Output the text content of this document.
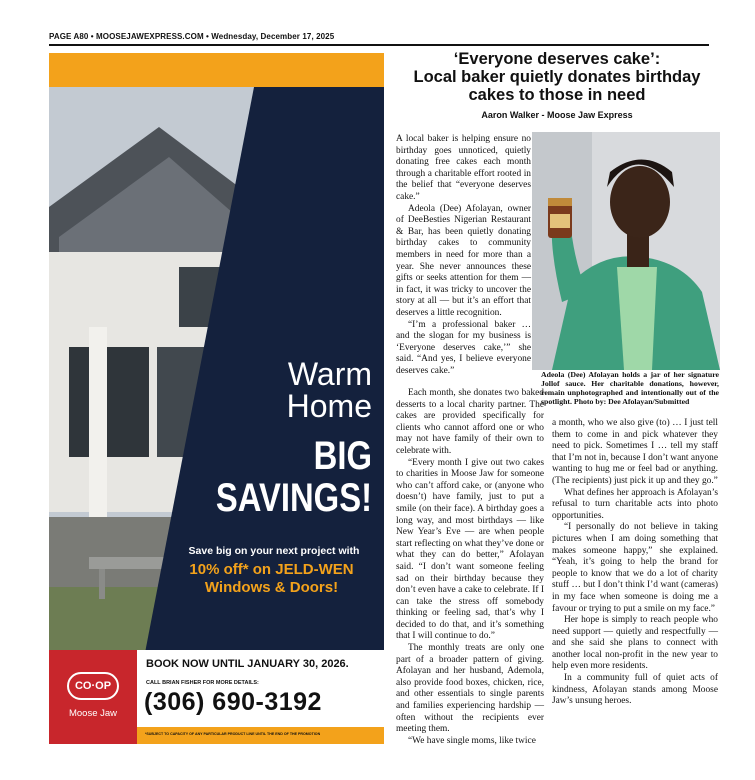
PAGE A80 • MOOSEJAWEXPRESS.COM • Wednesday, December 17, 2025
Warm
Home
BIG
SAVINGS!
Save big on your next project with
10% off* on JELD-WEN
Windows & Doors!
CO·OP
Moose Jaw
BOOK NOW UNTIL JANUARY 30, 2026.
CALL BRIAN FISHER FOR MORE DETAILS:
(306) 690-3192
*SUBJECT TO CAPACITY OF ANY PARTICULAR PRODUCT LINE UNTIL THE END OF THE PROMOTION
‘Everyone deserves cake’:
Local baker quietly donates birthday
cakes to those in need
Aaron Walker - Moose Jaw Express

A local baker is helping ensure no birthday goes unnoticed, quietly donating free cakes each month through a charitable effort rooted in the belief that “everyone deserves cake.”

Adeola (Dee) Afolayan, owner of DeeBesties Nigerian Restaurant & Bar, has been quietly donating birthday cakes to community members in need for more than a year. She never announces these gifts or seeks attention for them — in fact, it was tricky to uncover the story at all — but it’s an effort that deserves a little recognition.

“I’m a professional baker … and the slogan for my business is ‘Everyone deserves cake,’” she said. “And yes, I believe everyone deserves cake.”	Adeola (Dee) Afolayan holds a jar of her signature Jollof sauce. Her charitable donations, however, remain unphotographed and intentionally out of the spotlight. Photo by: Dee Afolayan/Submitted

Each month, she donates two baked desserts to a local charity partner. The cakes are provided specifically for clients who cannot afford one or who may not have family of their own to celebrate with.

“Every month I give out two cakes to charities in Moose Jaw for someone who can’t afford cake, or (anyone who doesn’t) have family, just to put a smile (on their face). A birthday goes a long way, and most birthdays — like New Year’s Eve — are when people start reflecting on what they’ve done or what they can do better,” Afolayan said. “I don’t want someone feeling sad on their birthday because they don’t even have a cake to celebrate. If I can take the stress off somebody thinking or feeling sad, that’s why I decided to do that, and it’s something that I will continue to do.”

The monthly treats are only one part of a broader pattern of giving. Afolayan and her husband, Ademola, also provide food boxes, chicken, rice, and other essentials to single parents and families experiencing hardship — often without the recipients ever meeting them.

“We have single moms, like twice

a month, who we also give (to) … I just tell them to come in and pick whatever they need to pick. Sometimes I … tell my staff that I’m not in, because I don’t want anyone wanting to hug me or feel bad or anything. (The recipients) just pick it up and they go.”

What defines her approach is Afolayan’s refusal to turn charitable acts into photo opportunities.

“I personally do not believe in taking pictures when I am doing something that makes someone happy,” she explained. “Yeah, it’s going to help the brand for people to know that we do a lot of charity stuff … but I don’t think I’d want (cameras) in my face when someone is doing me a favour or trying to put a smile on my face.”

Her hope is simply to reach people who need support — quietly and respectfully — and she said she plans to connect with another local non-profit in the new year to help even more residents.

In a community full of quiet acts of kindness, Afolayan stands among Moose Jaw’s unsung heroes.
